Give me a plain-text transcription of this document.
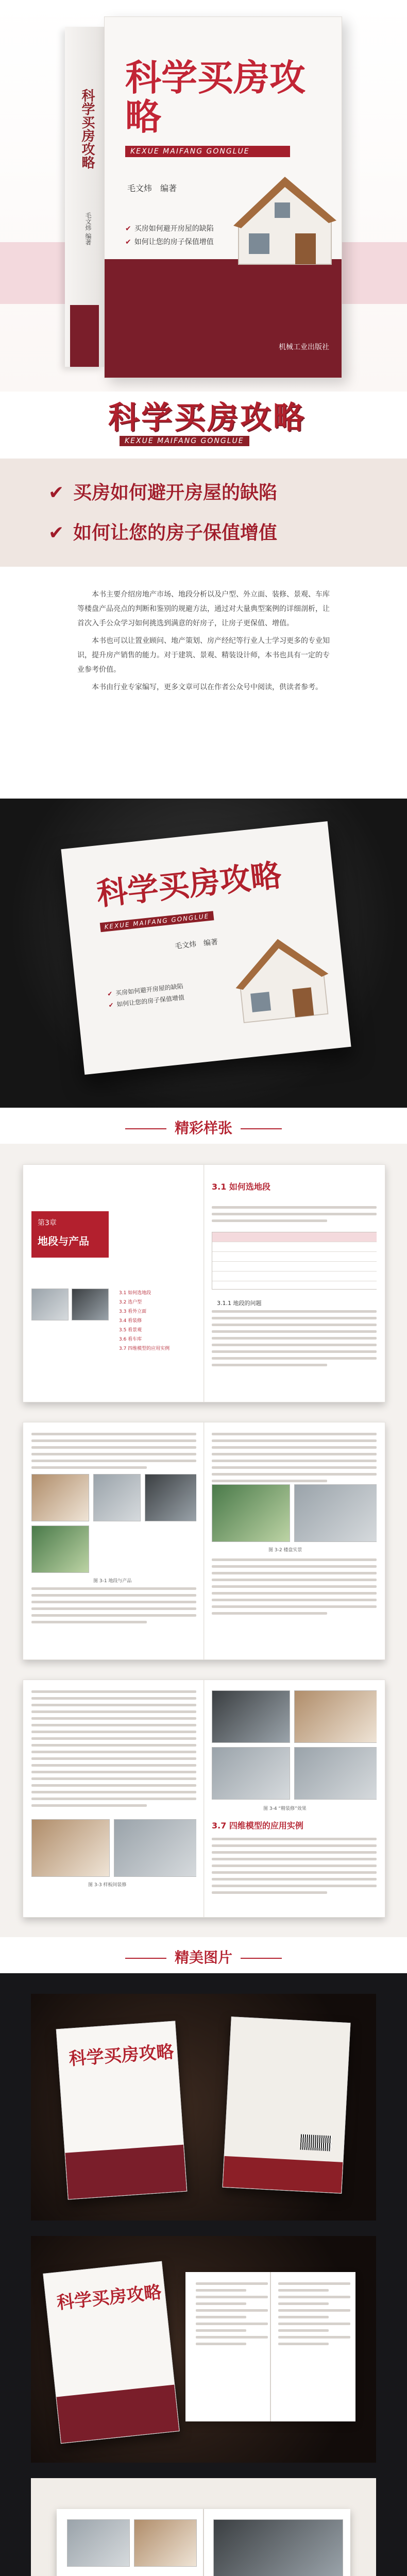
科学买房攻略
毛文炜 编著
科学买房攻略
KEXUE MAIFANG GONGLUE
毛文炜　编著
✔ 买房如何避开房屋的缺陷
✔ 如何让您的房子保值增值
机械工业出版社
科学买房攻略
KEXUE MAIFANG GONGLUE
✔ 买房如何避开房屋的缺陷
✔ 如何让您的房子保值增值

本书主要介绍房地产市场、地段分析以及户型、外立面、装修、景观、车库等楼盘产品亮点的判断和鉴别的规避方法，通过对大量典型案例的详细剖析，让首次入手公众学习如何挑选到满意的好房子，让房子更保值、增值。

本书也可以让置业顾问、地产策划、房产经纪等行业人士学习更多的专业知识，提升房产销售的能力。对于建筑、景观、精装设计师，本书也具有一定的专业参考价值。

本书由行业专家编写，更多文章可以在作者公众号中阅读，供读者参考。

科学买房攻略
KEXUE MAIFANG GONGLUE
毛文炜　编著
✔ 买房如何避开房屋的缺陷
✔ 如何让您的房子保值增值
精彩样张
第3章
地段与产品
3.1 如何选地段
3.2 选户型
3.3 看外立面
3.4 看装修
3.5 看景观
3.6 看车库
3.7 四维模型的应用实例
3.1 如何选地段
3.1.1 地段的问题
图 3-1 地段与产品
图 3-2 楼盘实景
图 3-3 样板间装修
图 3-4 “精装修”效果
3.7 四维模型的应用实例
精美图片
科学买房攻略
科学买房攻略
